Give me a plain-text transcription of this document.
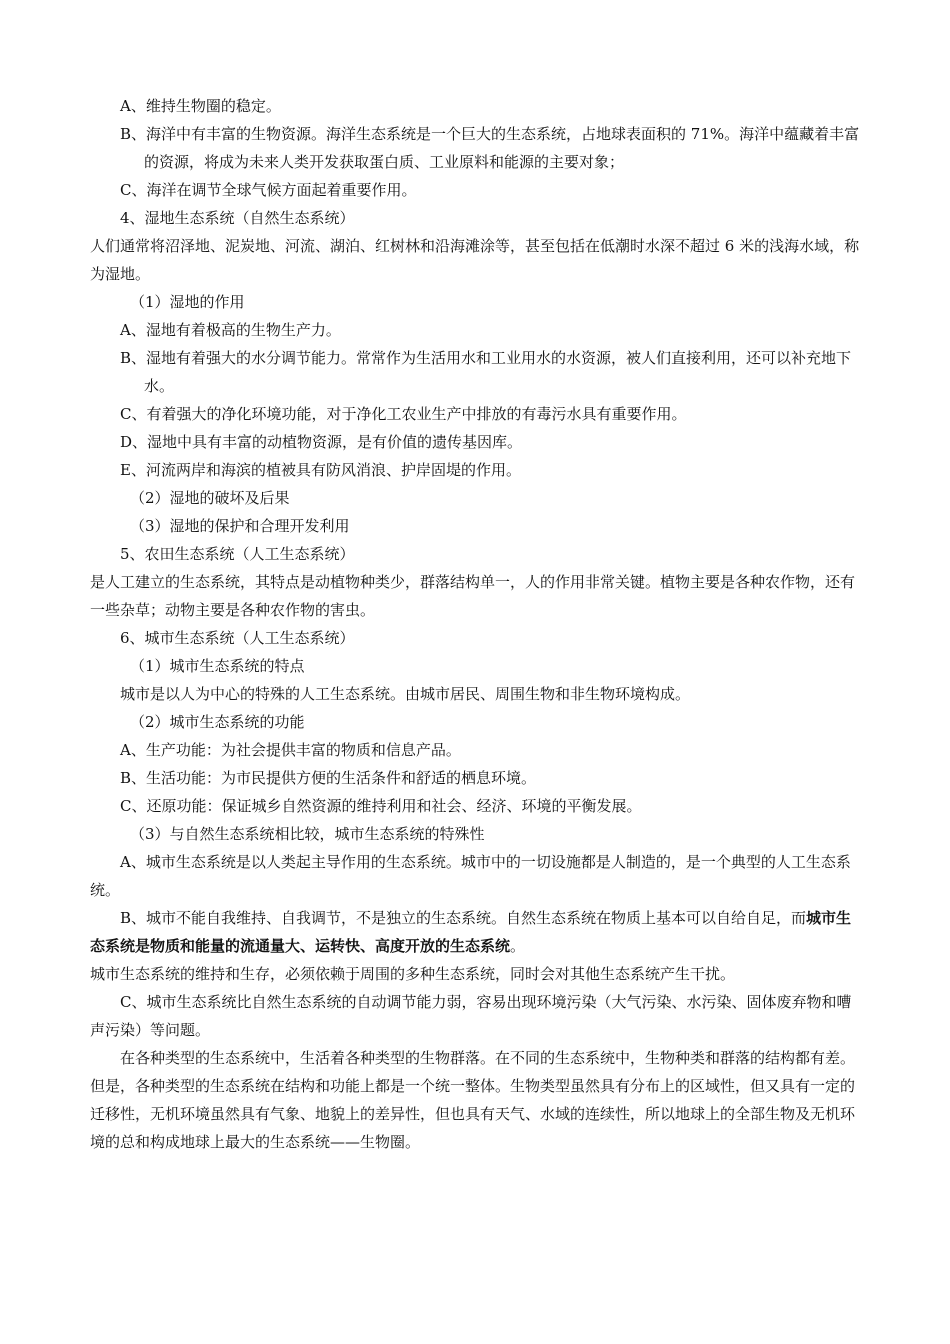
A、维持生物圈的稳定。

B、海洋中有丰富的生物资源。海洋生态系统是一个巨大的生态系统，占地球表面积的 71%。海洋中蕴藏着丰富的资源，将成为未来人类开发获取蛋白质、工业原料和能源的主要对象；

C、海洋在调节全球气候方面起着重要作用。

4、湿地生态系统（自然生态系统）

人们通常将沼泽地、泥炭地、河流、湖泊、红树林和沿海滩涂等，甚至包括在低潮时水深不超过 6 米的浅海水域，称为湿地。

（1）湿地的作用

A、湿地有着极高的生物生产力。

B、湿地有着强大的水分调节能力。常常作为生活用水和工业用水的水资源，被人们直接利用，还可以补充地下水。

C、有着强大的净化环境功能，对于净化工农业生产中排放的有毒污水具有重要作用。

D、湿地中具有丰富的动植物资源，是有价值的遗传基因库。

E、河流两岸和海滨的植被具有防风消浪、护岸固堤的作用。

（2）湿地的破坏及后果

（3）湿地的保护和合理开发利用

5、农田生态系统（人工生态系统）

是人工建立的生态系统，其特点是动植物种类少，群落结构单一，人的作用非常关键。植物主要是各种农作物，还有一些杂草；动物主要是各种农作物的害虫。

6、城市生态系统（人工生态系统）

（1）城市生态系统的特点

城市是以人为中心的特殊的人工生态系统。由城市居民、周围生物和非生物环境构成。

（2）城市生态系统的功能

A、生产功能：为社会提供丰富的物质和信息产品。

B、生活功能：为市民提供方便的生活条件和舒适的栖息环境。

C、还原功能：保证城乡自然资源的维持利用和社会、经济、环境的平衡发展。

（3）与自然生态系统相比较，城市生态系统的特殊性

A、城市生态系统是以人类起主导作用的生态系统。城市中的一切设施都是人制造的，是一个典型的人工生态系统。

B、城市不能自我维持、自我调节，不是独立的生态系统。自然生态系统在物质上基本可以自给自足，而城市生态系统是物质和能量的流通量大、运转快、高度开放的生态系统。

城市生态系统的维持和生存，必须依赖于周围的多种生态系统，同时会对其他生态系统产生干扰。

C、城市生态系统比自然生态系统的自动调节能力弱，容易出现环境污染（大气污染、水污染、固体废弃物和嘈声污染）等问题。

在各种类型的生态系统中，生活着各种类型的生物群落。在不同的生态系统中，生物种类和群落的结构都有差。但是，各种类型的生态系统在结构和功能上都是一个统一整体。生物类型虽然具有分布上的区域性，但又具有一定的迁移性，无机环境虽然具有气象、地貌上的差异性，但也具有天气、水域的连续性，所以地球上的全部生物及无机环境的总和构成地球上最大的生态系统——生物圈。
